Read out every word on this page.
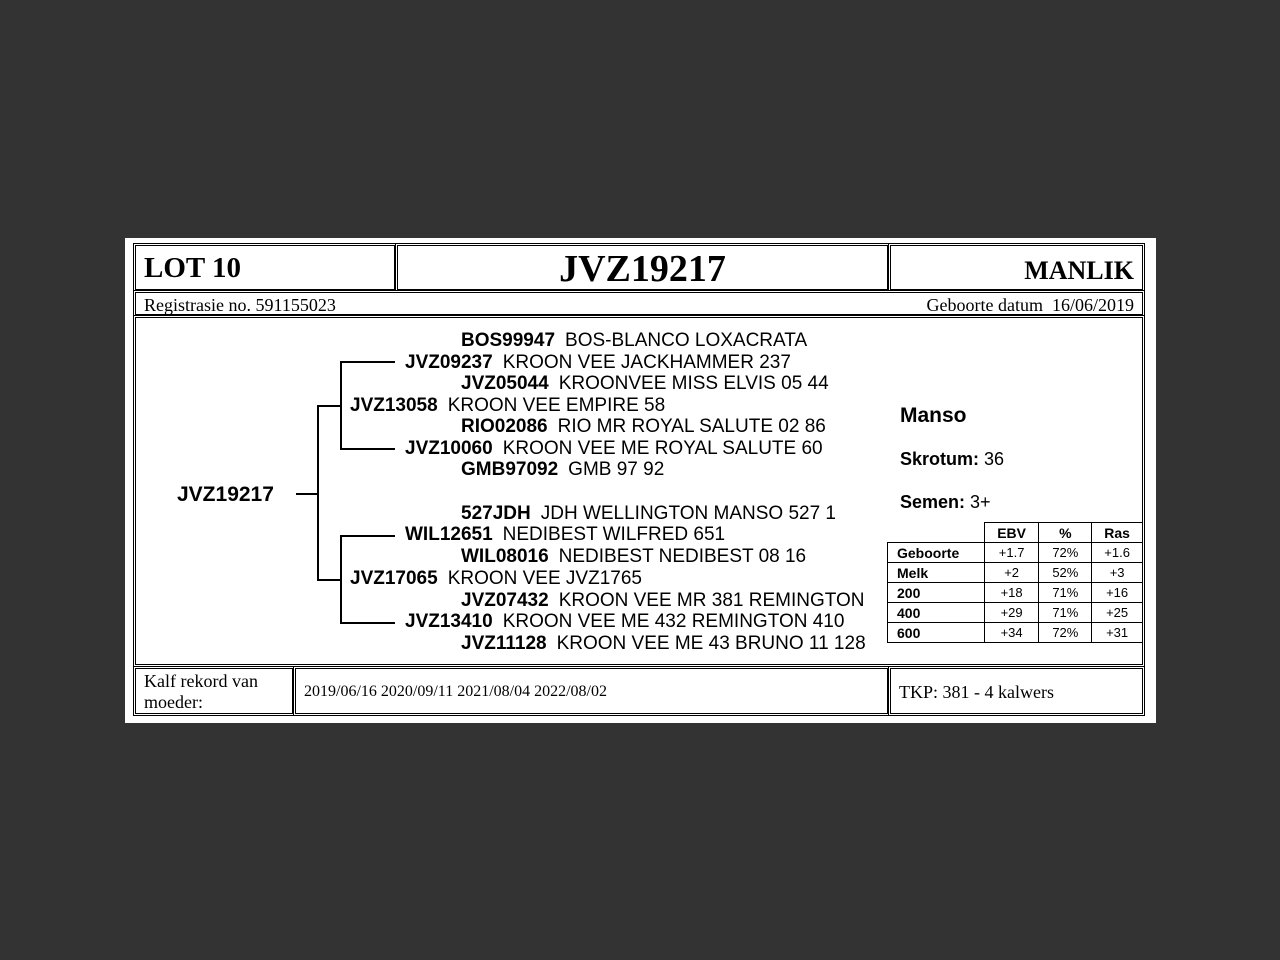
LOT 10	JVZ19217	MANLIK
Registrasie no. 591155023	Geboorte datum 16/06/2019
JVZ19217
BOS99947 BOS-BLANCO LOXACRATA
JVZ09237 KROON VEE JACKHAMMER 237
JVZ05044 KROONVEE MISS ELVIS 05 44
JVZ13058 KROON VEE EMPIRE 58
RIO02086 RIO MR ROYAL SALUTE 02 86
JVZ10060 KROON VEE ME ROYAL SALUTE 60
GMB97092 GMB 97 92
527JDH JDH WELLINGTON MANSO 527 1
WIL12651 NEDIBEST WILFRED 651
WIL08016 NEDIBEST NEDIBEST 08 16
JVZ17065 KROON VEE JVZ1765
JVZ07432 KROON VEE MR 381 REMINGTON
JVZ13410 KROON VEE ME 432 REMINGTON 410
JVZ11128 KROON VEE ME 43 BRUNO 11 128
Manso
Skrotum: 36
Semen: 3+
	EBV	%	Ras
Geboorte	+1.7	72%	+1.6
Melk	+2	52%	+3
200	+18	71%	+16
400	+29	71%	+25
600	+34	72%	+31
Kalf rekord van
moeder:
2019/06/16 2020/09/11 2021/08/04 2022/08/02	TKP: 381 - 4 kalwers
